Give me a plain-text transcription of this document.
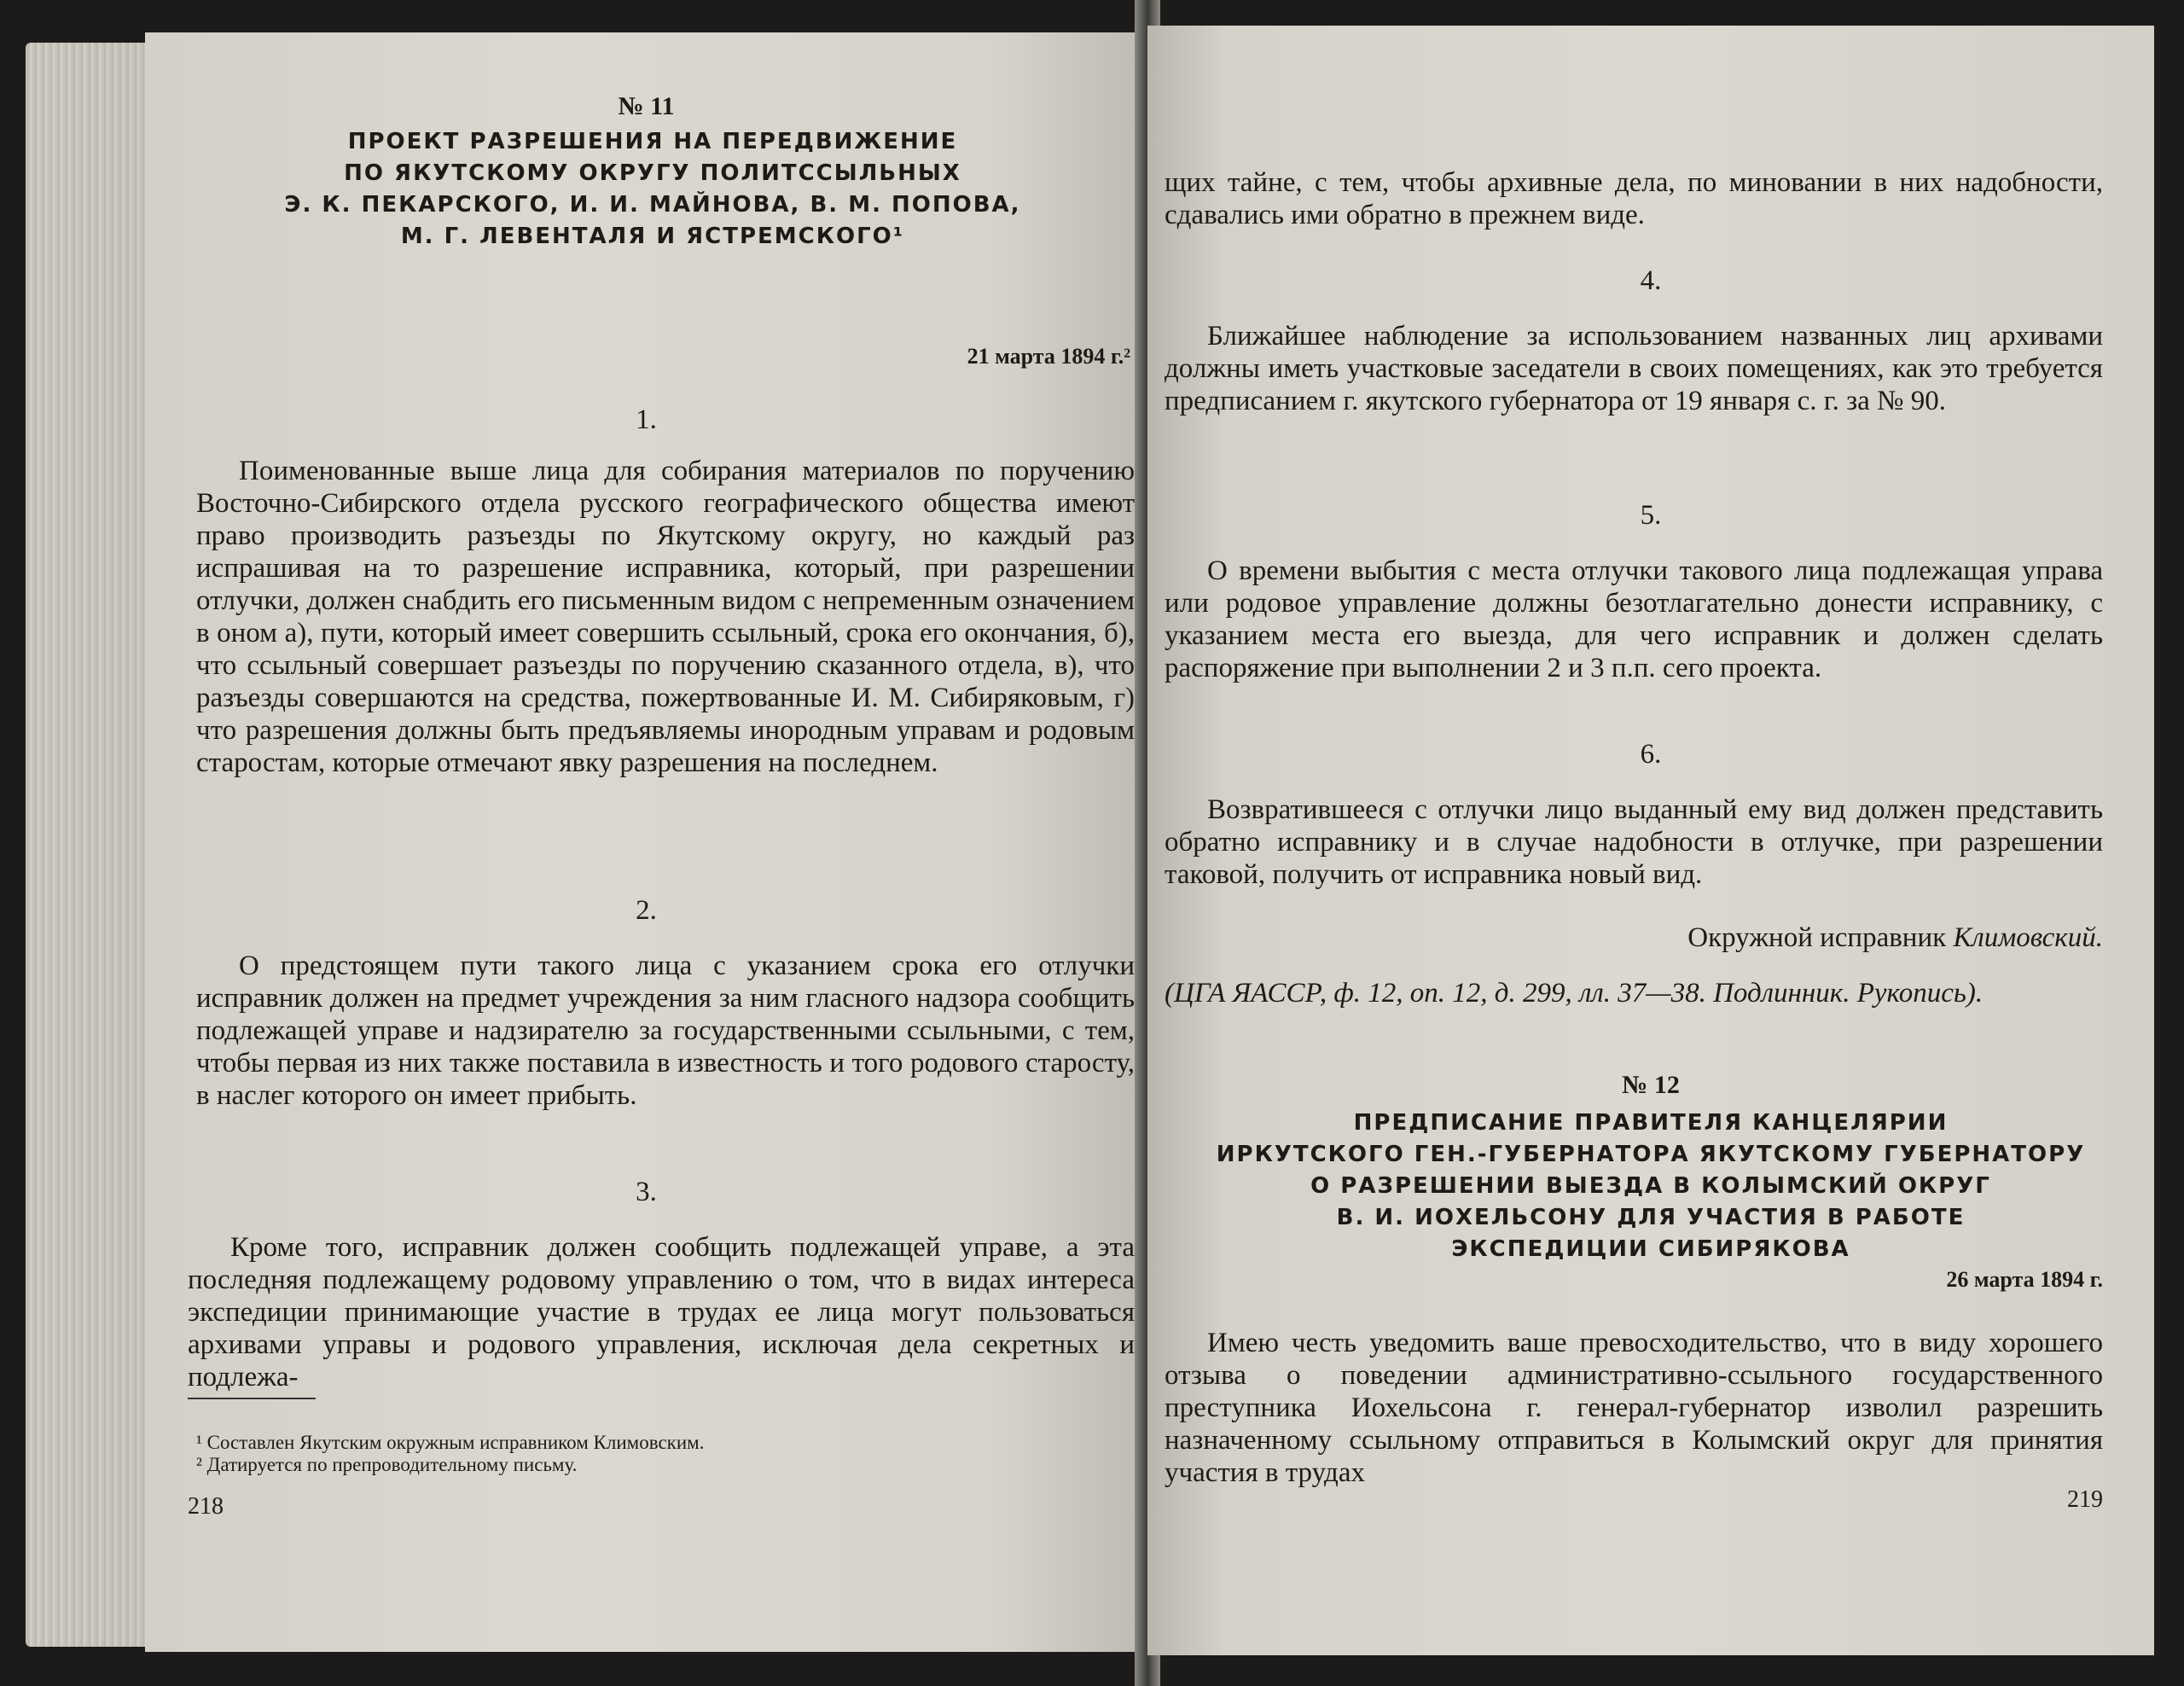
№ 11
ПРОЕКТ РАЗРЕШЕНИЯ НА ПЕРЕДВИЖЕНИЕ
ПО ЯКУТСКОМУ ОКРУГУ ПОЛИТССЫЛЬНЫХ
Э. К. ПЕКАРСКОГО, И. И. МАЙНОВА, В. М. ПОПОВА,
М. Г. ЛЕВЕНТАЛЯ И ЯСТРЕМСКОГО¹
21 марта 1894 г.²
1.

Поименованные выше лица для собирания материалов по поручению Восточно-Сибирского отдела русского географического общества имеют право производить разъезды по Якутскому округу, но каждый раз испрашивая на то разрешение исправника, который, при разрешении отлучки, должен снабдить его письменным видом с непременным означением в оном а), пути, который имеет совершить ссыльный, срока его окончания, б), что ссыльный совершает разъезды по поручению сказанного отдела, в), что разъезды совершаются на средства, пожертвованные И. М. Сибиряковым, г) что разрешения должны быть предъявляемы инородным управам и родовым старостам, которые отмечают явку разрешения на последнем.

2.

О предстоящем пути такого лица с указанием срока его отлучки исправник должен на предмет учреждения за ним гласного надзора сообщить подлежащей управе и надзирателю за государственными ссыльными, с тем, чтобы первая из них также поставила в известность и того родового старосту, в наслег которого он имеет прибыть.

3.

Кроме того, исправник должен сообщить подлежащей управе, а эта последняя подлежащему родовому управлению о том, что в видах интереса экспедиции принимающие участие в трудах ее лица могут пользоваться архивами управы и родового управления, исключая дела секретных и подлежа-

¹ Составлен Якутским окружным исправником Климовским.
² Датируется по препроводительному письму.
218

щих тайне, с тем, чтобы архивные дела, по миновании в них надобности, сдавались ими обратно в прежнем виде.

4.

Ближайшее наблюдение за использованием названных лиц архивами должны иметь участковые заседатели в своих помещениях, как это требуется предписанием г. якутского губернатора от 19 января с. г. за № 90.

5.

О времени выбытия с места отлучки такового лица подлежащая управа или родовое управление должны безотлагательно донести исправнику, с указанием места его выезда, для чего исправник и должен сделать распоряжение при выполнении 2 и 3 п.п. сего проекта.

6.

Возвратившееся с отлучки лицо выданный ему вид должен представить обратно исправнику и в случае надобности в отлучке, при разрешении таковой, получить от исправника новый вид.

Окружной исправник Климовский.

(ЦГА ЯАССР, ф. 12, оп. 12, д. 299, лл. 37—38. Подлинник. Рукопись).

№ 12
ПРЕДПИСАНИЕ ПРАВИТЕЛЯ КАНЦЕЛЯРИИ
ИРКУТСКОГО ГЕН.-ГУБЕРНАТОРА ЯКУТСКОМУ ГУБЕРНАТОРУ
О РАЗРЕШЕНИИ ВЫЕЗДА В КОЛЫМСКИЙ ОКРУГ
В. И. ИОХЕЛЬСОНУ ДЛЯ УЧАСТИЯ В РАБОТЕ
ЭКСПЕДИЦИИ СИБИРЯКОВА
26 марта 1894 г.

Имею честь уведомить ваше превосходительство, что в виду хорошего отзыва о поведении административно-ссыльного государственного преступника Иохельсона г. генерал-губернатор изволил разрешить назначенному ссыльному отправиться в Колымский округ для принятия участия в трудах

219
